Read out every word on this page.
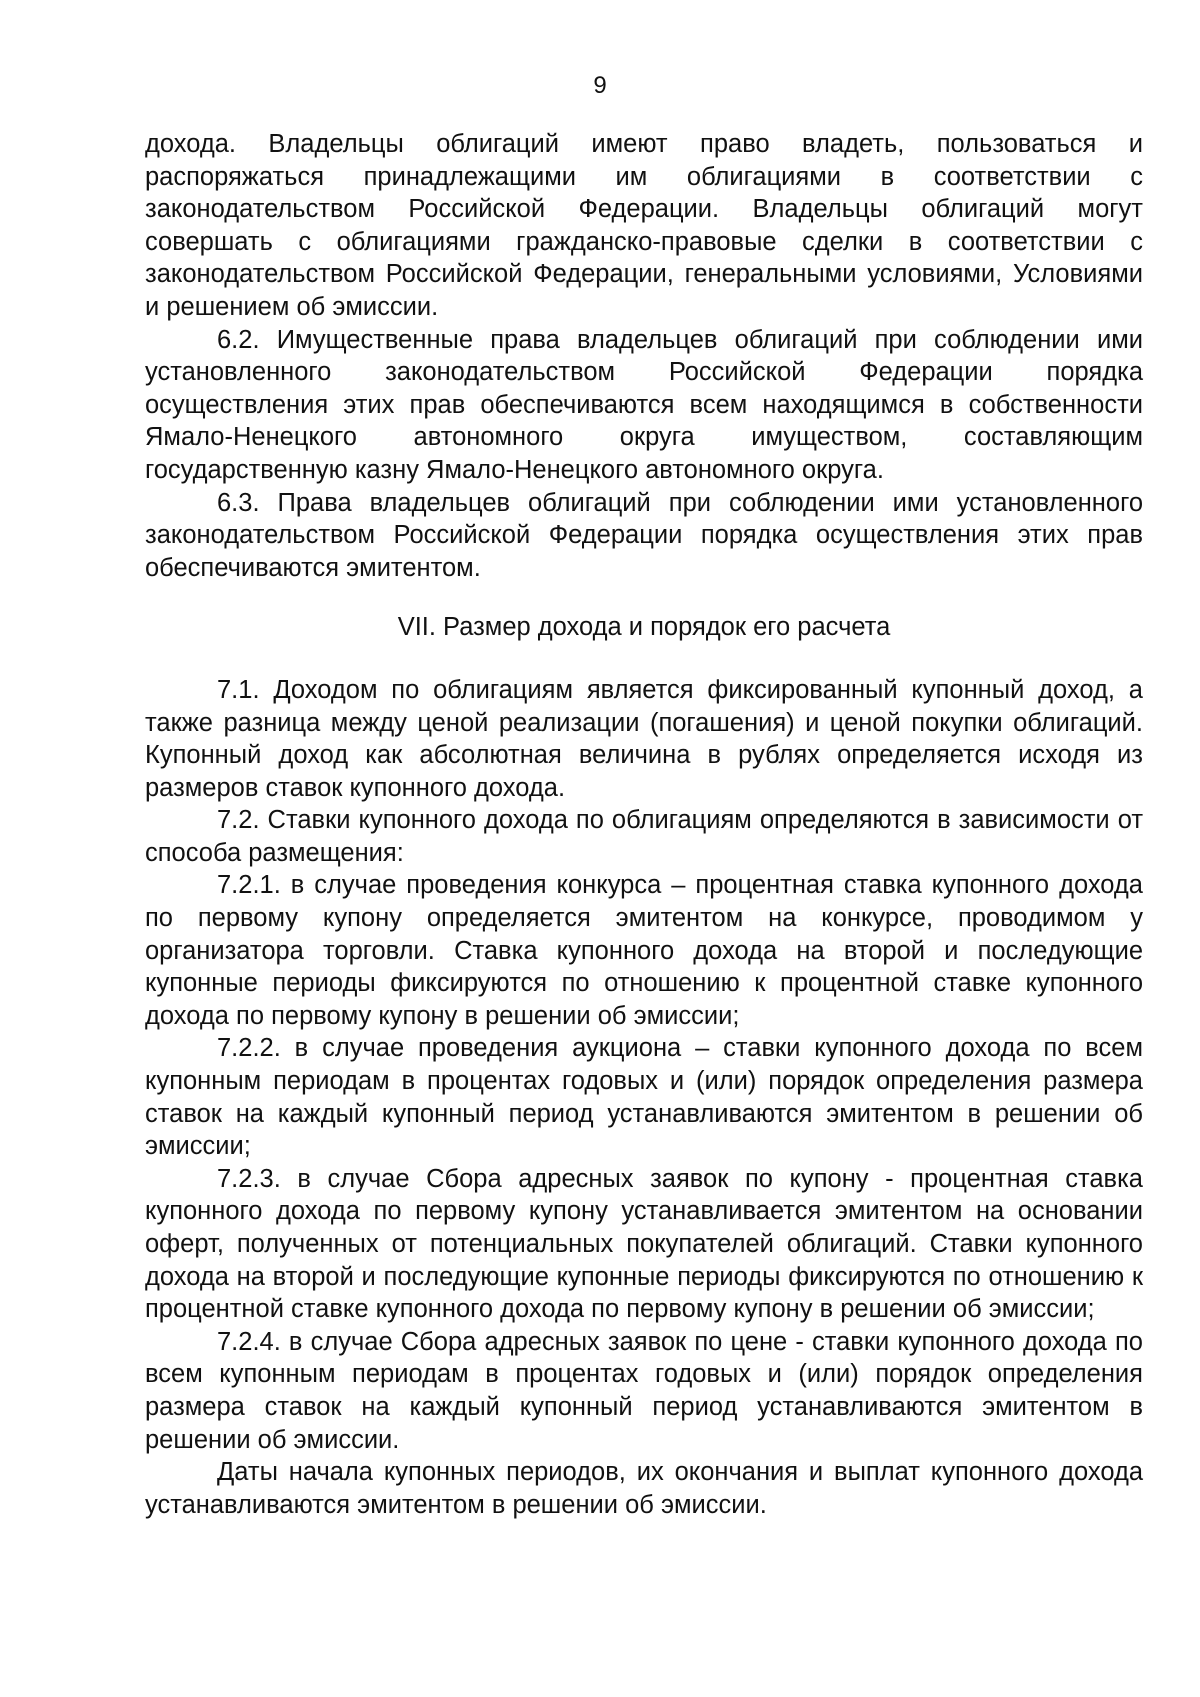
9

дохода. Владельцы облигаций имеют право владеть, пользоваться и распоряжаться принадлежащими им облигациями в соответствии с законодательством Российской Федерации. Владельцы облигаций могут совершать с облигациями гражданско-правовые сделки в соответствии с законодательством Российской Федерации, генеральными условиями, Условиями и решением об эмиссии.

6.2. Имущественные права владельцев облигаций при соблюдении ими установленного законодательством Российской Федерации порядка осуществления этих прав обеспечиваются всем находящимся в собственности Ямало-Ненецкого автономного округа имуществом, составляющим государственную казну Ямало-Ненецкого автономного округа.

6.3. Права владельцев облигаций при соблюдении ими установленного законодательством Российской Федерации порядка осуществления этих прав обеспечиваются эмитентом.

VII. Размер дохода и порядок его расчета

7.1. Доходом по облигациям является фиксированный купонный доход, а также разница между ценой реализации (погашения) и ценой покупки облигаций. Купонный доход как абсолютная величина в рублях определяется исходя из размеров ставок купонного дохода.

7.2. Ставки купонного дохода по облигациям определяются в зависимости от способа размещения:

7.2.1. в случае проведения конкурса – процентная ставка купонного дохода по первому купону определяется эмитентом на конкурсе, проводимом у организатора торговли. Ставка купонного дохода на второй и последующие купонные периоды фиксируются по отношению к процентной ставке купонного дохода по первому купону в решении об эмиссии;

7.2.2. в случае проведения аукциона – ставки купонного дохода по всем купонным периодам в процентах годовых и (или) порядок определения размера ставок на каждый купонный период устанавливаются эмитентом в решении об эмиссии;

7.2.3. в случае Сбора адресных заявок по купону - процентная ставка купонного дохода по первому купону устанавливается эмитентом на основании оферт, полученных от потенциальных покупателей облигаций. Ставки купонного дохода на второй и последующие купонные периоды фиксируются по отношению к процентной ставке купонного дохода по первому купону в решении об эмиссии;

7.2.4. в случае Сбора адресных заявок по цене - ставки купонного дохода по всем купонным периодам в процентах годовых и (или) порядок определения размера ставок на каждый купонный период устанавливаются эмитентом в решении об эмиссии.

Даты начала купонных периодов, их окончания и выплат купонного дохода устанавливаются эмитентом в решении об эмиссии.
